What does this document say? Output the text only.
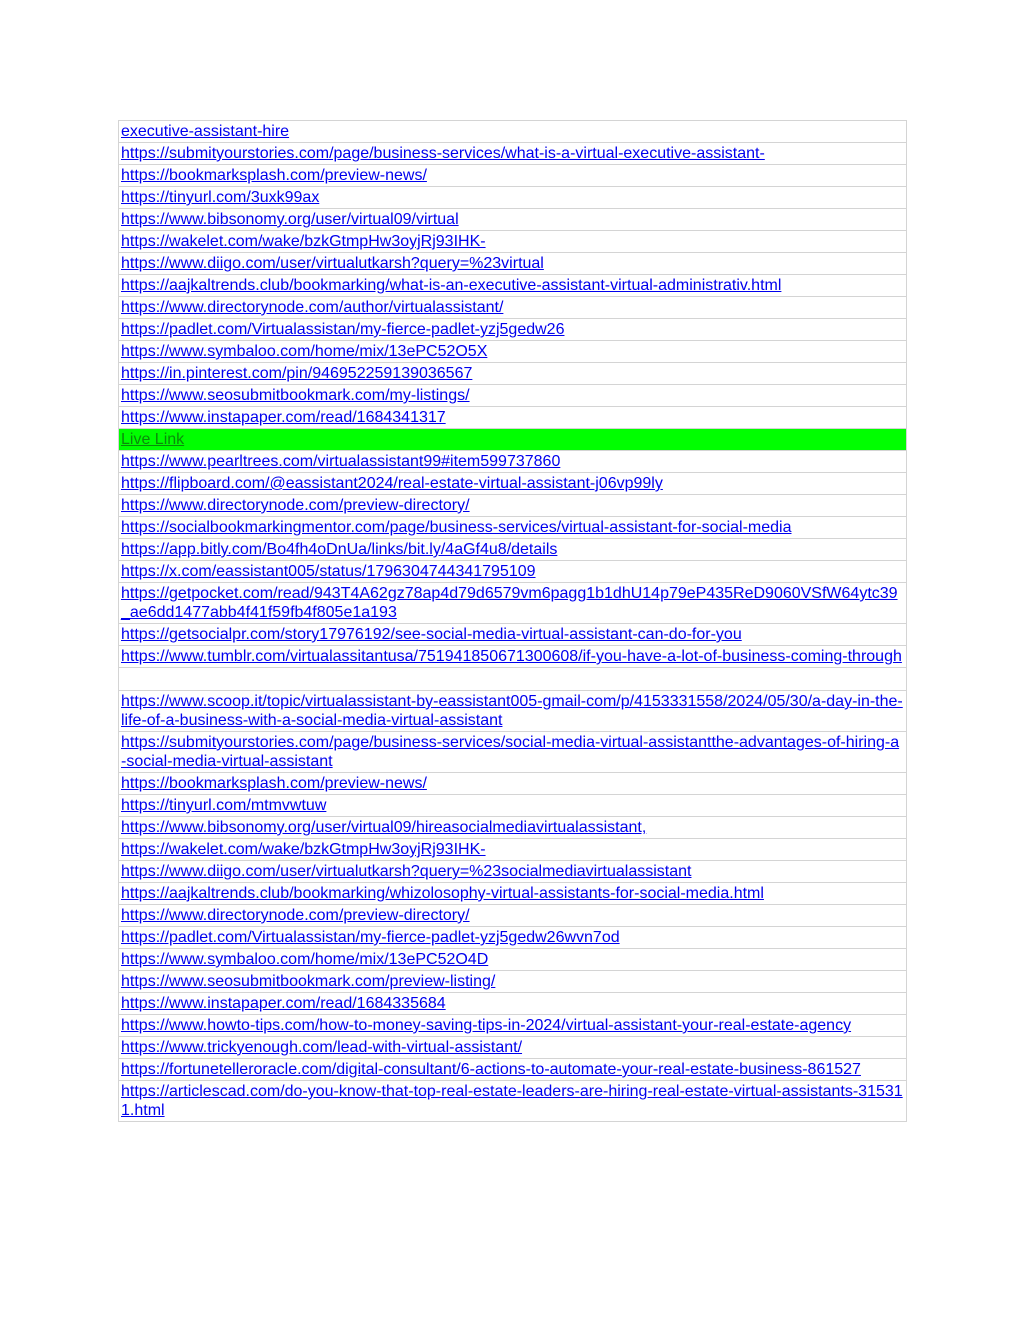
executive-assistant-hire
https://submityourstories.com/page/business-services/what-is-a-virtual-executive-assistant-
https://bookmarksplash.com/preview-news/
https://tinyurl.com/3uxk99ax
https://www.bibsonomy.org/user/virtual09/virtual
https://wakelet.com/wake/bzkGtmpHw3oyjRj93IHK-
https://www.diigo.com/user/virtualutkarsh?query=%23virtual
https://aajkaltrends.club/bookmarking/what-is-an-executive-assistant-virtual-administrativ.html
https://www.directorynode.com/author/virtualassistant/
https://padlet.com/Virtualassistan/my-fierce-padlet-yzj5gedw26
https://www.symbaloo.com/home/mix/13ePC52O5X
https://in.pinterest.com/pin/946952259139036567
https://www.seosubmitbookmark.com/my-listings/
https://www.instapaper.com/read/1684341317
Live Link
https://www.pearltrees.com/virtualassistant99#item599737860
https://flipboard.com/@eassistant2024/real-estate-virtual-assistant-j06vp99ly
https://www.directorynode.com/preview-directory/
https://socialbookmarkingmentor.com/page/business-services/virtual-assistant-for-social-media
https://app.bitly.com/Bo4fh4oDnUa/links/bit.ly/4aGf4u8/details
https://x.com/eassistant005/status/1796304744341795109
https://getpocket.com/read/943T4A62gz78ap4d79d6579vm6pagg1b1dhU14p79eP435ReD9060VSfW64ytc39_ae6dd1477abb4f41f59fb4f805e1a193
https://getsocialpr.com/story17976192/see-social-media-virtual-assistant-can-do-for-you
https://www.tumblr.com/virtualassitantusa/751941850671300608/if-you-have-a-lot-of-business-coming-through

https://www.scoop.it/topic/virtualassistant-by-eassistant005-gmail-com/p/4153331558/2024/05/30/a-day-in-the-life-of-a-business-with-a-social-media-virtual-assistant
https://submityourstories.com/page/business-services/social-media-virtual-assistantthe-advantages-of-hiring-a-social-media-virtual-assistant
https://bookmarksplash.com/preview-news/
https://tinyurl.com/mtmvwtuw
https://www.bibsonomy.org/user/virtual09/hireasocialmediavirtualassistant,
https://wakelet.com/wake/bzkGtmpHw3oyjRj93IHK-
https://www.diigo.com/user/virtualutkarsh?query=%23socialmediavirtualassistant
https://aajkaltrends.club/bookmarking/whizolosophy-virtual-assistants-for-social-media.html
https://www.directorynode.com/preview-directory/
https://padlet.com/Virtualassistan/my-fierce-padlet-yzj5gedw26wvn7od
https://www.symbaloo.com/home/mix/13ePC52O4D
https://www.seosubmitbookmark.com/preview-listing/
https://www.instapaper.com/read/1684335684
https://www.howto-tips.com/how-to-money-saving-tips-in-2024/virtual-assistant-your-real-estate-agency
https://www.trickyenough.com/lead-with-virtual-assistant/
https://fortunetelleroracle.com/digital-consultant/6-actions-to-automate-your-real-estate-business-861527
https://articlescad.com/do-you-know-that-top-real-estate-leaders-are-hiring-real-estate-virtual-assistants-315311.html
